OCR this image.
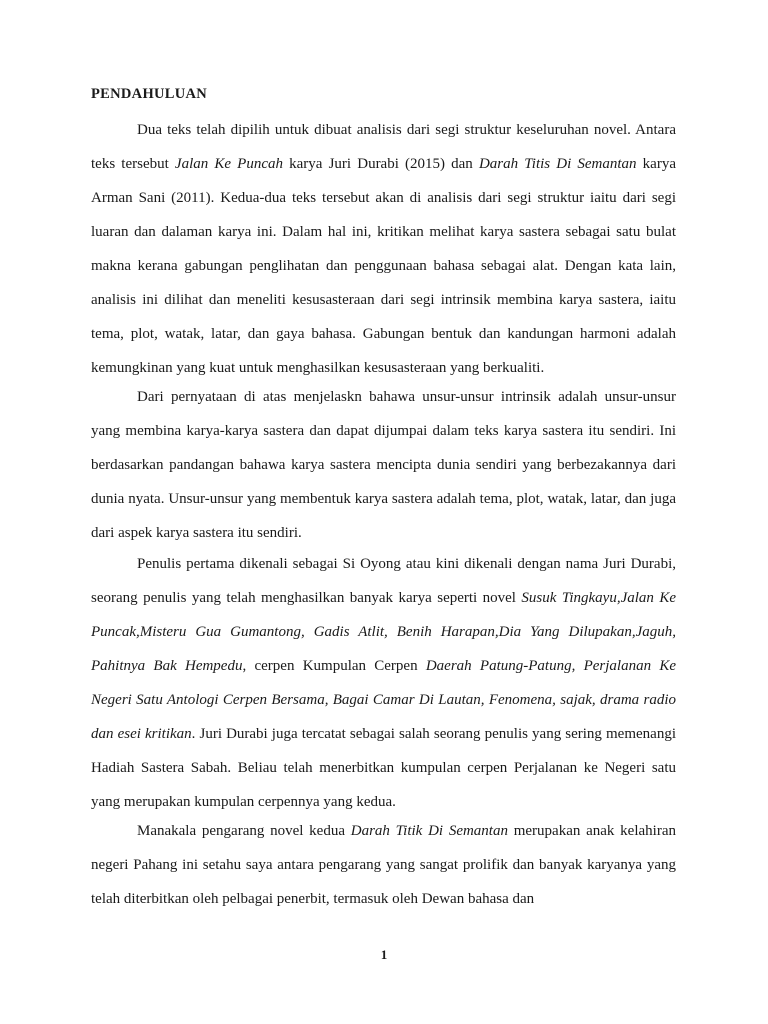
PENDAHULUAN

Dua teks telah dipilih untuk dibuat analisis dari segi struktur keseluruhan novel. Antara teks tersebut Jalan Ke Puncah karya Juri Durabi (2015) dan Darah Titis Di Semantan karya Arman Sani (2011). Kedua-dua teks tersebut akan di analisis dari segi struktur iaitu dari segi luaran dan dalaman karya ini. Dalam hal ini, kritikan melihat karya sastera sebagai satu bulat makna kerana gabungan penglihatan dan penggunaan bahasa sebagai alat. Dengan kata lain, analisis ini dilihat dan meneliti kesusasteraan dari segi intrinsik membina karya sastera, iaitu tema, plot, watak, latar, dan gaya bahasa. Gabungan bentuk dan kandungan harmoni adalah kemungkinan yang kuat untuk menghasilkan kesusasteraan yang berkualiti.

Dari pernyataan di atas menjelaskn bahawa unsur-unsur intrinsik adalah unsur-unsur yang membina karya-karya sastera dan dapat dijumpai dalam teks karya sastera itu sendiri. Ini berdasarkan pandangan bahawa karya sastera mencipta dunia sendiri yang berbezakannya dari dunia nyata. Unsur-unsur yang membentuk karya sastera adalah tema, plot, watak, latar, dan juga dari aspek karya sastera itu sendiri.

Penulis pertama dikenali sebagai Si Oyong atau kini dikenali dengan nama Juri Durabi, seorang penulis yang telah menghasilkan banyak karya seperti novel Susuk Tingkayu,Jalan Ke Puncak,Misteru Gua Gumantong, Gadis Atlit, Benih Harapan,Dia Yang Dilupakan,Jaguh, Pahitnya Bak Hempedu, cerpen Kumpulan Cerpen Daerah Patung-Patung, Perjalanan Ke Negeri Satu Antologi Cerpen Bersama, Bagai Camar Di Lautan, Fenomena, sajak, drama radio dan esei kritikan. Juri Durabi juga tercatat sebagai salah seorang penulis yang sering memenangi Hadiah Sastera Sabah. Beliau telah menerbitkan kumpulan cerpen Perjalanan ke Negeri satu yang merupakan kumpulan cerpennya yang kedua.

Manakala pengarang novel kedua Darah Titik Di Semantan merupakan anak kelahiran negeri Pahang ini setahu saya antara pengarang yang sangat prolifik dan banyak karyanya yang telah diterbitkan oleh pelbagai penerbit, termasuk oleh Dewan bahasa dan

1
